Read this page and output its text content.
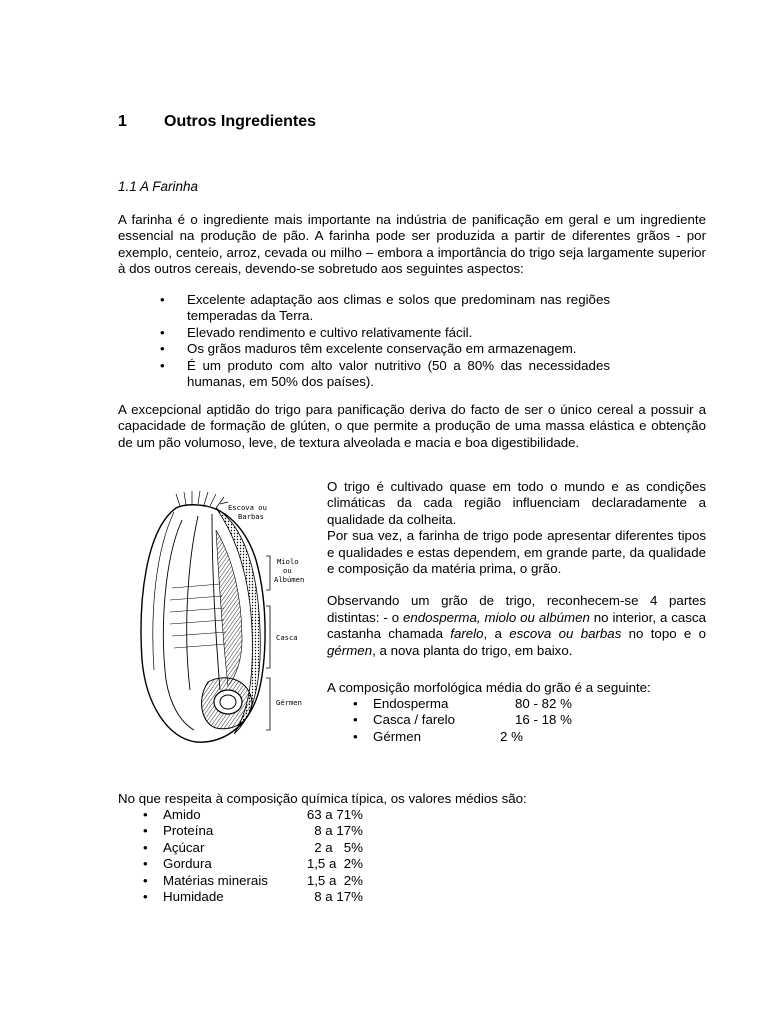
1 Outros Ingredientes
1.1 A Farinha

A farinha é o ingrediente mais importante na indústria de panificação em geral e um ingrediente essencial na produção de pão. A farinha pode ser produzida a partir de diferentes grãos - por exemplo, centeio, arroz, cevada ou milho – embora a importância do trigo seja largamente superior à dos outros cereais, devendo-se sobretudo aos seguintes aspectos:

• Excelente adaptação aos climas e solos que predominam nas regiões temperadas da Terra.
• Elevado rendimento e cultivo relativamente fácil.
• Os grãos maduros têm excelente conservação em armazenagem.
• É um produto com alto valor nutritivo (50 a 80% das necessidades humanas, em 50% dos países).

A excepcional aptidão do trigo para panificação deriva do facto de ser o único cereal a possuir a capacidade de formação de glúten, o que permite a produção de uma massa elástica e obtenção de um pão volumoso, leve, de textura alveolada e macia e boa digestibilidade.

Escova ou
Barbas
Miolo
ou
Albúmen
Casca
Gérmen

O trigo é cultivado quase em todo o mundo e as condições climáticas da cada região influenciam declaradamente a qualidade da colheita.

Por sua vez, a farinha de trigo pode apresentar diferentes tipos e qualidades e estas dependem, em grande parte, da qualidade e composição da matéria prima, o grão.

Observando um grão de trigo, reconhecem-se 4 partes distintas: - o endosperma, miolo ou albúmen no interior, a casca castanha chamada farelo, a escova ou barbas no topo e o gérmen, a nova planta do trigo, em baixo.

A composição morfológica média do grão é a seguinte:

• Endosperma	80 - 82 %
• Casca / farelo	16 - 18 %
• Gérmen	2 %

No que respeita à composição química típica, os valores médios são:

• Amido	63 a 71%
• Proteína	8 a 17%
• Açúcar	2 a   5%
• Gordura	1,5 a  2%
• Matérias minerais	1,5 a  2%
• Humidade	8 a 17%
